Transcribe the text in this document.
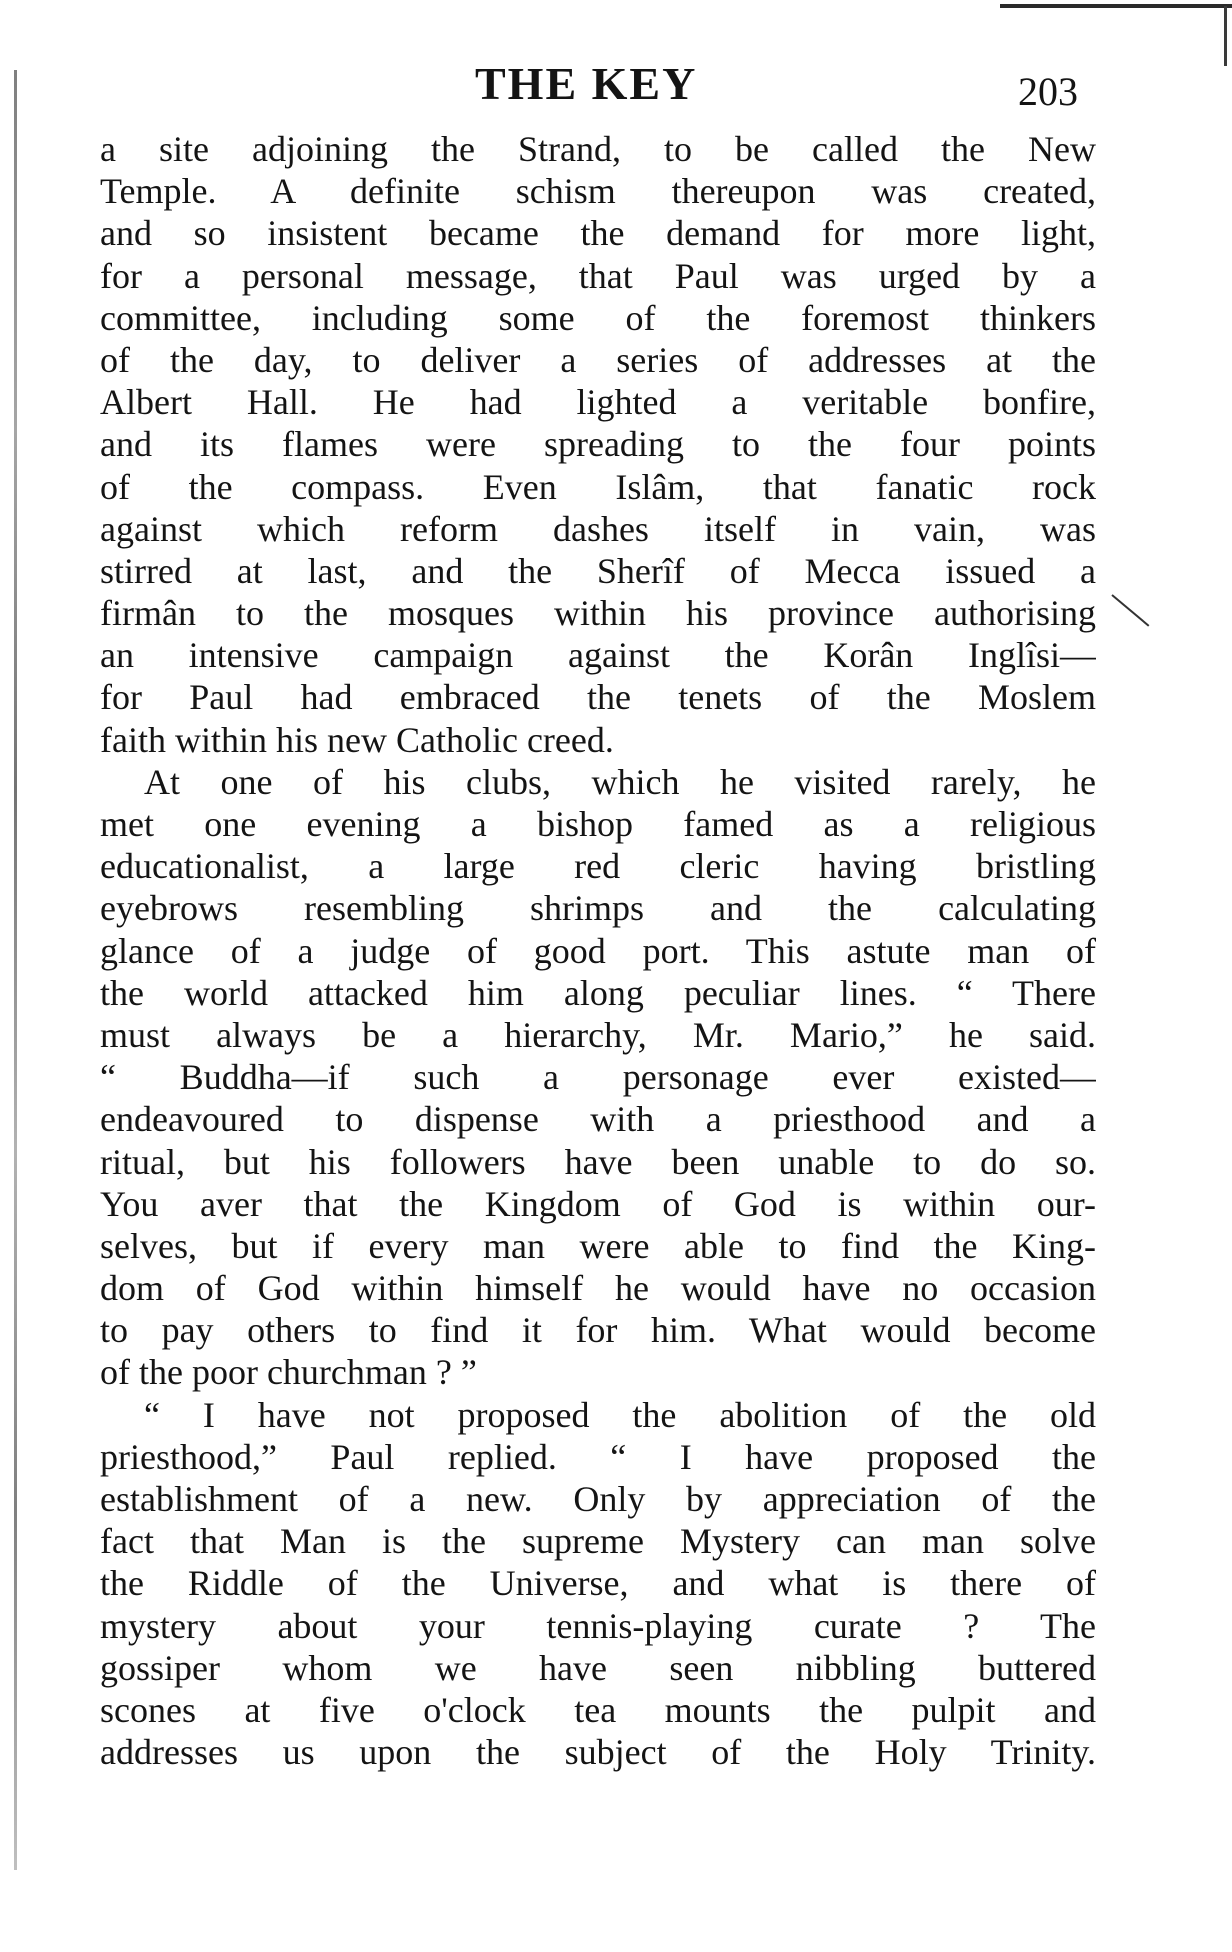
THE KEY	203
a site adjoining the Strand, to be called the New
Temple. A definite schism thereupon was created,
and so insistent became the demand for more light,
for a personal message, that Paul was urged by a
committee, including some of the foremost thinkers
of the day, to deliver a series of addresses at the
Albert Hall. He had lighted a veritable bonfire,
and its flames were spreading to the four points
of the compass. Even Islâm, that fanatic rock
against which reform dashes itself in vain, was
stirred at last, and the Sherîf of Mecca issued a
firmân to the mosques within his province authorising
an intensive campaign against the Korân Inglîsi—
for Paul had embraced the tenets of the Moslem
faith within his new Catholic creed.
At one of his clubs, which he visited rarely, he
met one evening a bishop famed as a religious
educationalist, a large red cleric having bristling
eyebrows resembling shrimps and the calculating
glance of a judge of good port. This astute man of
the world attacked him along peculiar lines. “ There
must always be a hierarchy, Mr. Mario,” he said.
“ Buddha—if such a personage ever existed—
endeavoured to dispense with a priesthood and a
ritual, but his followers have been unable to do so.
You aver that the Kingdom of God is within our-
selves, but if every man were able to find the King-
dom of God within himself he would have no occasion
to pay others to find it for him. What would become
of the poor churchman ? ”
“ I have not proposed the abolition of the old
priesthood,” Paul replied. “ I have proposed the
establishment of a new. Only by appreciation of the
fact that Man is the supreme Mystery can man solve
the Riddle of the Universe, and what is there of
mystery about your tennis-playing curate ? The
gossiper whom we have seen nibbling buttered
scones at five o'clock tea mounts the pulpit and
addresses us upon the subject of the Holy Trinity.
